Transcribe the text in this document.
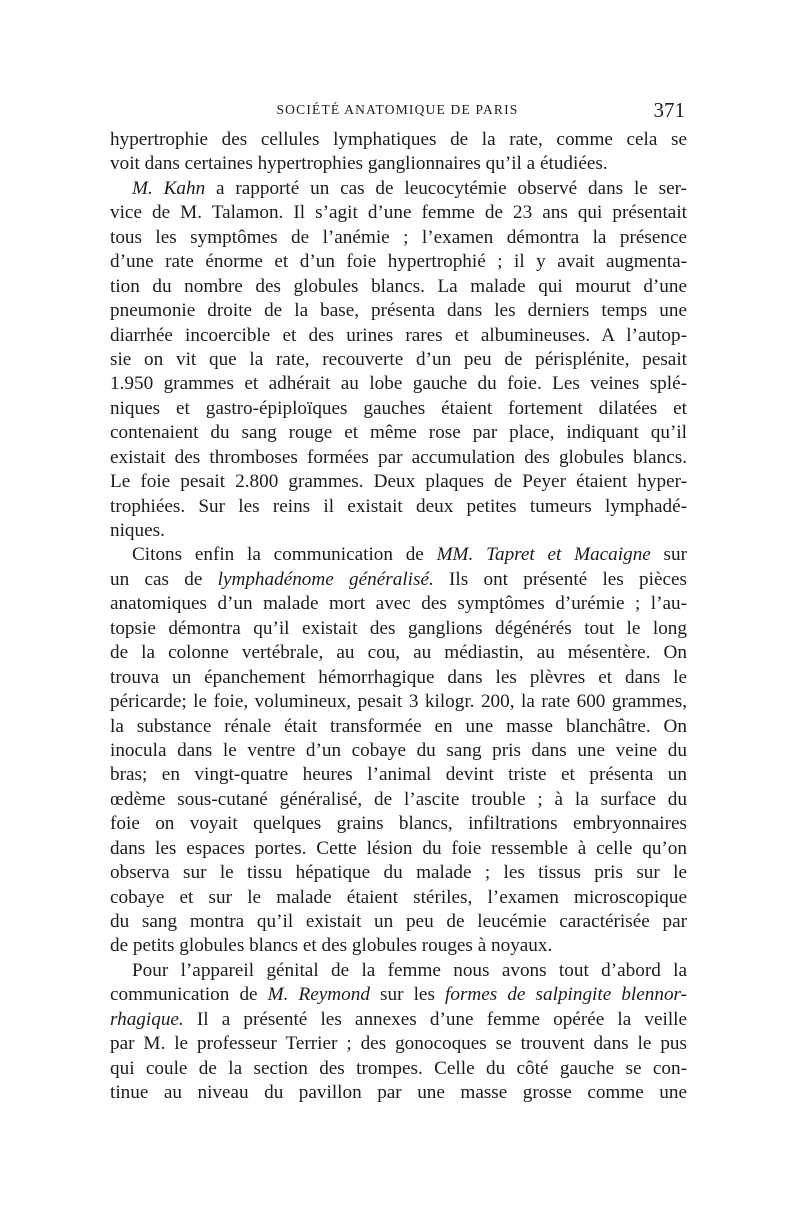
SOCIÉTÉ ANATOMIQUE DE PARIS	371
hypertrophie des cellules lymphatiques de la rate, comme cela se
voit dans certaines hypertrophies ganglionnaires qu’il a étudiées.
M. Kahn a rapporté un cas de leucocytémie observé dans le ser-
vice de M. Talamon. Il s’agit d’une femme de 23 ans qui présentait
tous les symptômes de l’anémie ; l’examen démontra la présence
d’une rate énorme et d’un foie hypertrophié ; il y avait augmenta-
tion du nombre des globules blancs. La malade qui mourut d’une
pneumonie droite de la base, présenta dans les derniers temps une
diarrhée incoercible et des urines rares et albumineuses. A l’autop-
sie on vit que la rate, recouverte d’un peu de périsplénite, pesait
1.950 grammes et adhérait au lobe gauche du foie. Les veines splé-
niques et gastro-épiploïques gauches étaient fortement dilatées et
contenaient du sang rouge et même rose par place, indiquant qu’il
existait des thromboses formées par accumulation des globules blancs.
Le foie pesait 2.800 grammes. Deux plaques de Peyer étaient hyper-
trophiées. Sur les reins il existait deux petites tumeurs lymphadé-
niques.
Citons enfin la communication de MM. Tapret et Macaigne sur
un cas de lymphadénome généralisé. Ils ont présenté les pièces
anatomiques d’un malade mort avec des symptômes d’urémie ; l’au-
topsie démontra qu’il existait des ganglions dégénérés tout le long
de la colonne vertébrale, au cou, au médiastin, au mésentère. On
trouva un épanchement hémorrhagique dans les plèvres et dans le
péricarde; le foie, volumineux, pesait 3 kilogr. 200, la rate 600 grammes,
la substance rénale était transformée en une masse blanchâtre. On
inocula dans le ventre d’un cobaye du sang pris dans une veine du
bras; en vingt-quatre heures l’animal devint triste et présenta un
œdème sous-cutané généralisé, de l’ascite trouble ; à la surface du
foie on voyait quelques grains blancs, infiltrations embryonnaires
dans les espaces portes. Cette lésion du foie ressemble à celle qu’on
observa sur le tissu hépatique du malade ; les tissus pris sur le
cobaye et sur le malade étaient stériles, l’examen microscopique
du sang montra qu’il existait un peu de leucémie caractérisée par
de petits globules blancs et des globules rouges à noyaux.
Pour l’appareil génital de la femme nous avons tout d’abord la
communication de M. Reymond sur les formes de salpingite blennor-
rhagique. Il a présenté les annexes d’une femme opérée la veille
par M. le professeur Terrier ; des gonocoques se trouvent dans le pus
qui coule de la section des trompes. Celle du côté gauche se con-
tinue au niveau du pavillon par une masse grosse comme une
